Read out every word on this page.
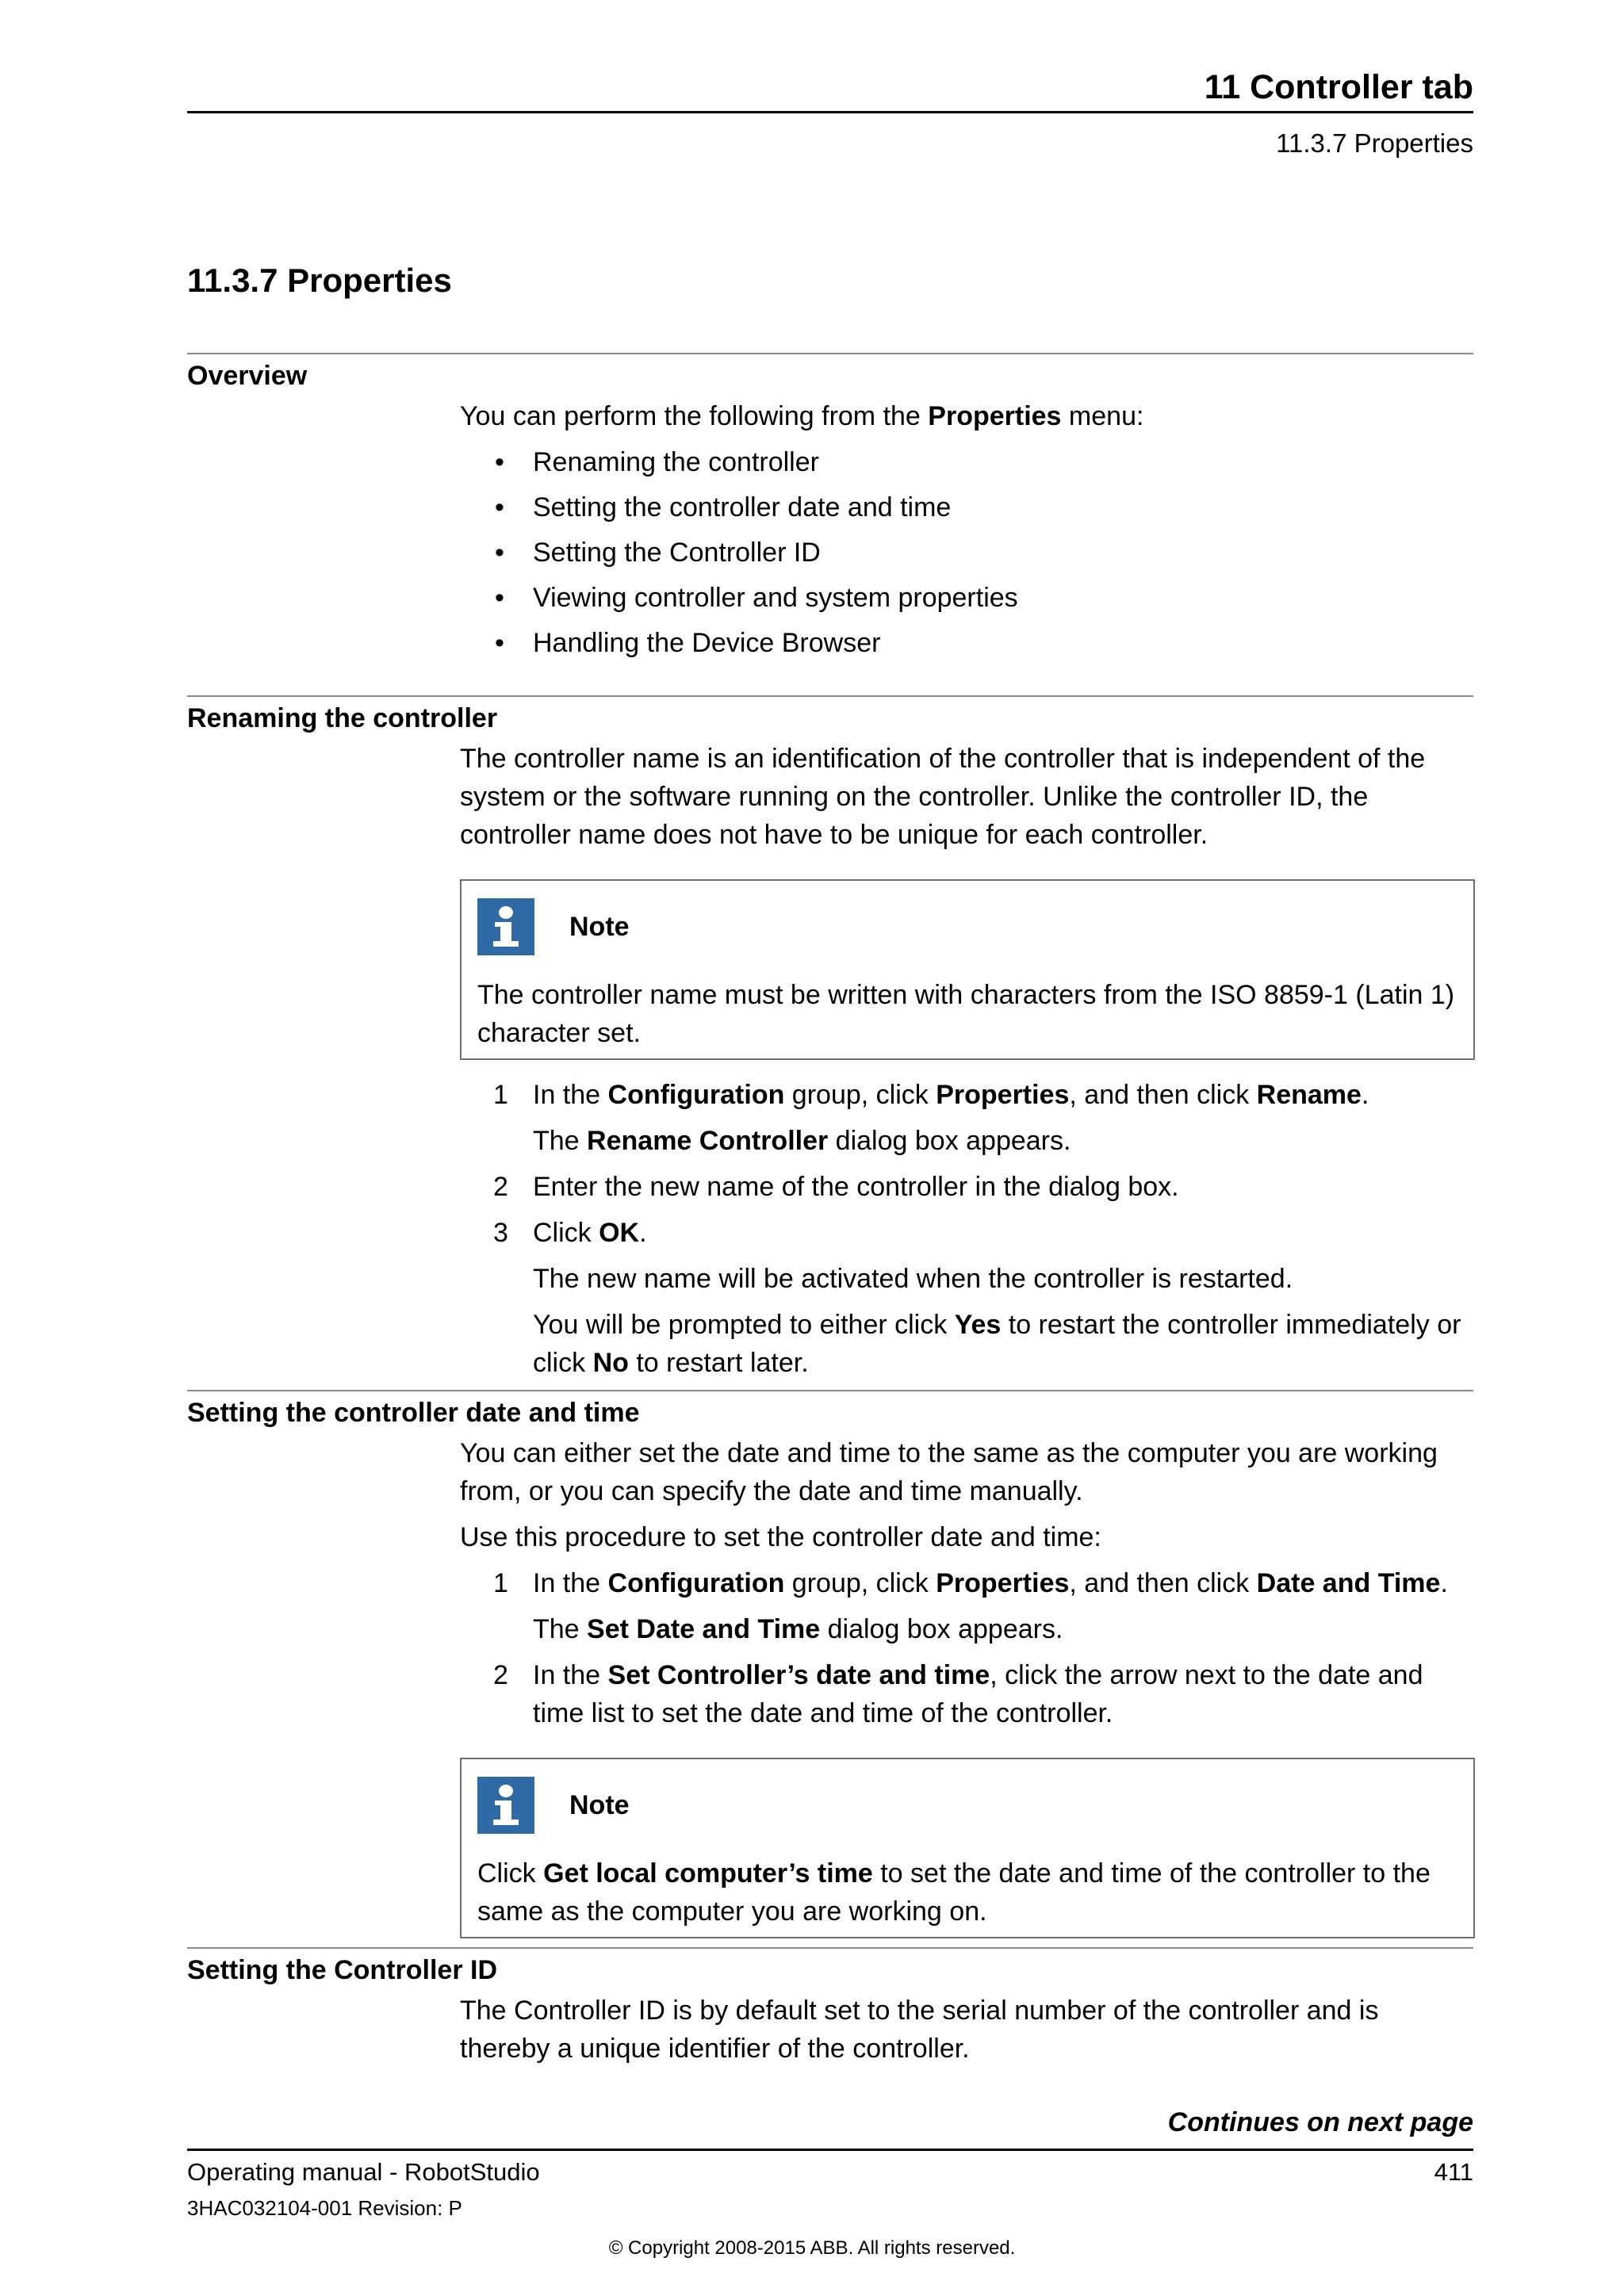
11 Controller tab
11.3.7 Properties
11.3.7 Properties
Overview

You can perform the following from the Properties menu:

• Renaming the controller
• Setting the controller date and time
• Setting the Controller ID
• Viewing controller and system properties
• Handling the Device Browser
Renaming the controller

The controller name is an identification of the controller that is independent of the system or the software running on the controller. Unlike the controller ID, the controller name does not have to be unique for each controller.

Note
The controller name must be written with characters from the ISO 8859-1 (Latin 1) character set.
1 In the Configuration group, click Properties, and then click Rename.
The Rename Controller dialog box appears.
2 Enter the new name of the controller in the dialog box.
3 Click OK.
The new name will be activated when the controller is restarted.
You will be prompted to either click Yes to restart the controller immediately or click No to restart later.
Setting the controller date and time

You can either set the date and time to the same as the computer you are working from, or you can specify the date and time manually.

Use this procedure to set the controller date and time:

1 In the Configuration group, click Properties, and then click Date and Time.
The Set Date and Time dialog box appears.
2 In the Set Controller’s date and time, click the arrow next to the date and time list to set the date and time of the controller.
Note
Click Get local computer’s time to set the date and time of the controller to the same as the computer you are working on.
Setting the Controller ID

The Controller ID is by default set to the serial number of the controller and is thereby a unique identifier of the controller.

Continues on next page
Operating manual - RobotStudio	411
3HAC032104-001 Revision: P
© Copyright 2008-2015 ABB. All rights reserved.
